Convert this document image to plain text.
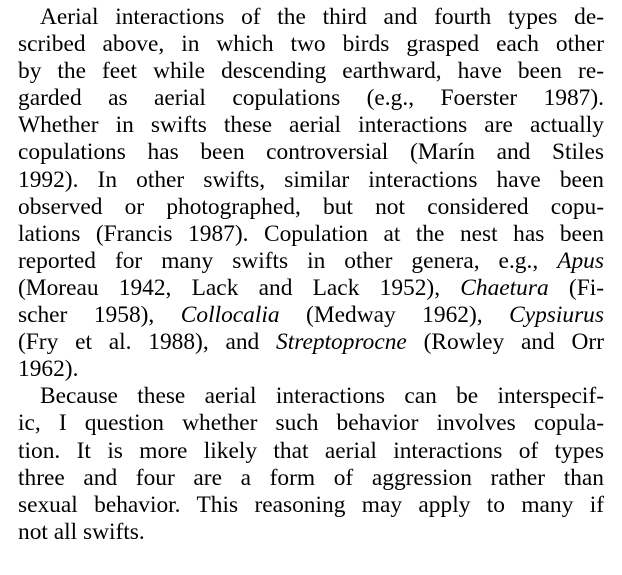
Aerial interactions of the third and fourth types de-
scribed above, in which two birds grasped each other
by the feet while descending earthward, have been re-
garded as aerial copulations (e.g., Foerster 1987).
Whether in swifts these aerial interactions are actually
copulations has been controversial (Marín and Stiles
1992). In other swifts, similar interactions have been
observed or photographed, but not considered copu-
lations (Francis 1987). Copulation at the nest has been
reported for many swifts in other genera, e.g., Apus
(Moreau 1942, Lack and Lack 1952), Chaetura (Fi-
scher 1958), Collocalia (Medway 1962), Cypsiurus
(Fry et al. 1988), and Streptoprocne (Rowley and Orr
1962).
Because these aerial interactions can be interspecif-
ic, I question whether such behavior involves copula-
tion. It is more likely that aerial interactions of types
three and four are a form of aggression rather than
sexual behavior. This reasoning may apply to many if
not all swifts.
